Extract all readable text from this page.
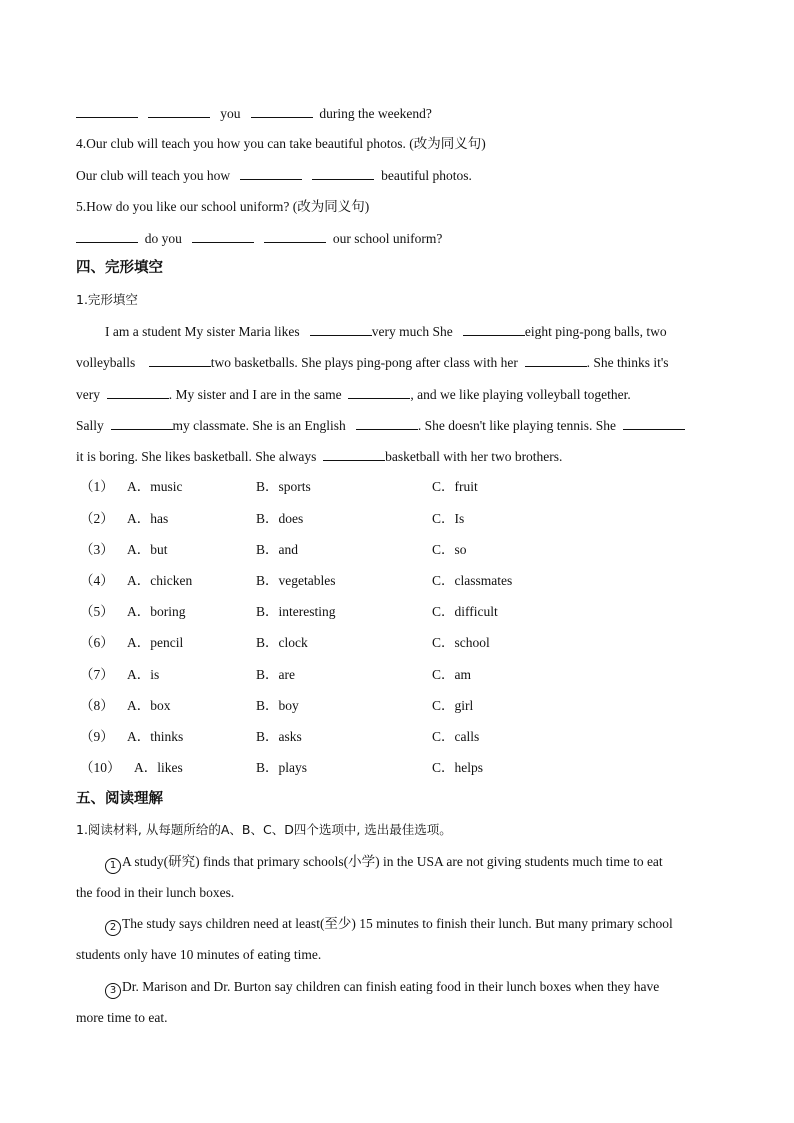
you	during the weekend?
4.Our club will teach you how you can take beautiful photos. (改为同义句)
Our club will teach you how	beautiful photos.
5.How do you like our school uniform? (改为同义句)
do you	our school uniform?
四、完形填空
1.完形填空
I am a student My sister Maria likes	very much She	eight ping-pong balls, two
volleyballs	two basketballs. She plays ping-pong after class with her	. She thinks it's
very	. My sister and I are in the same	, and we like playing volleyball together.
Sally	my classmate. She is an English	. She doesn't like playing tennis. She
it is boring. She likes basketball. She always	basketball with her two brothers.
（1） A．music	B．sports	C．fruit
（2） A．has	B．does	C．Is
（3） A．but	B．and	C．so
（4） A．chicken	B．vegetables	C．classmates
（5） A．boring	B．interesting	C．difficult
（6） A．pencil	B．clock	C．school
（7） A．is	B．are	C．am
（8） A．box	B．boy	C．girl
（9） A．thinks	B．asks	C．calls
（10） A．likes	B．plays	C．helps
五、阅读理解
1.阅读材料, 从每题所给的A、B、C、D四个选项中, 选出最佳选项。
1 A study(研究) finds that primary schools(小学) in the USA are not giving students much time to eat
the food in their lunch boxes.
2 The study says children need at least(至少) 15 minutes to finish their lunch. But many primary school
students only have 10 minutes of eating time.
3 Dr. Marison and Dr. Burton say children can finish eating food in their lunch boxes when they have
more time to eat.
